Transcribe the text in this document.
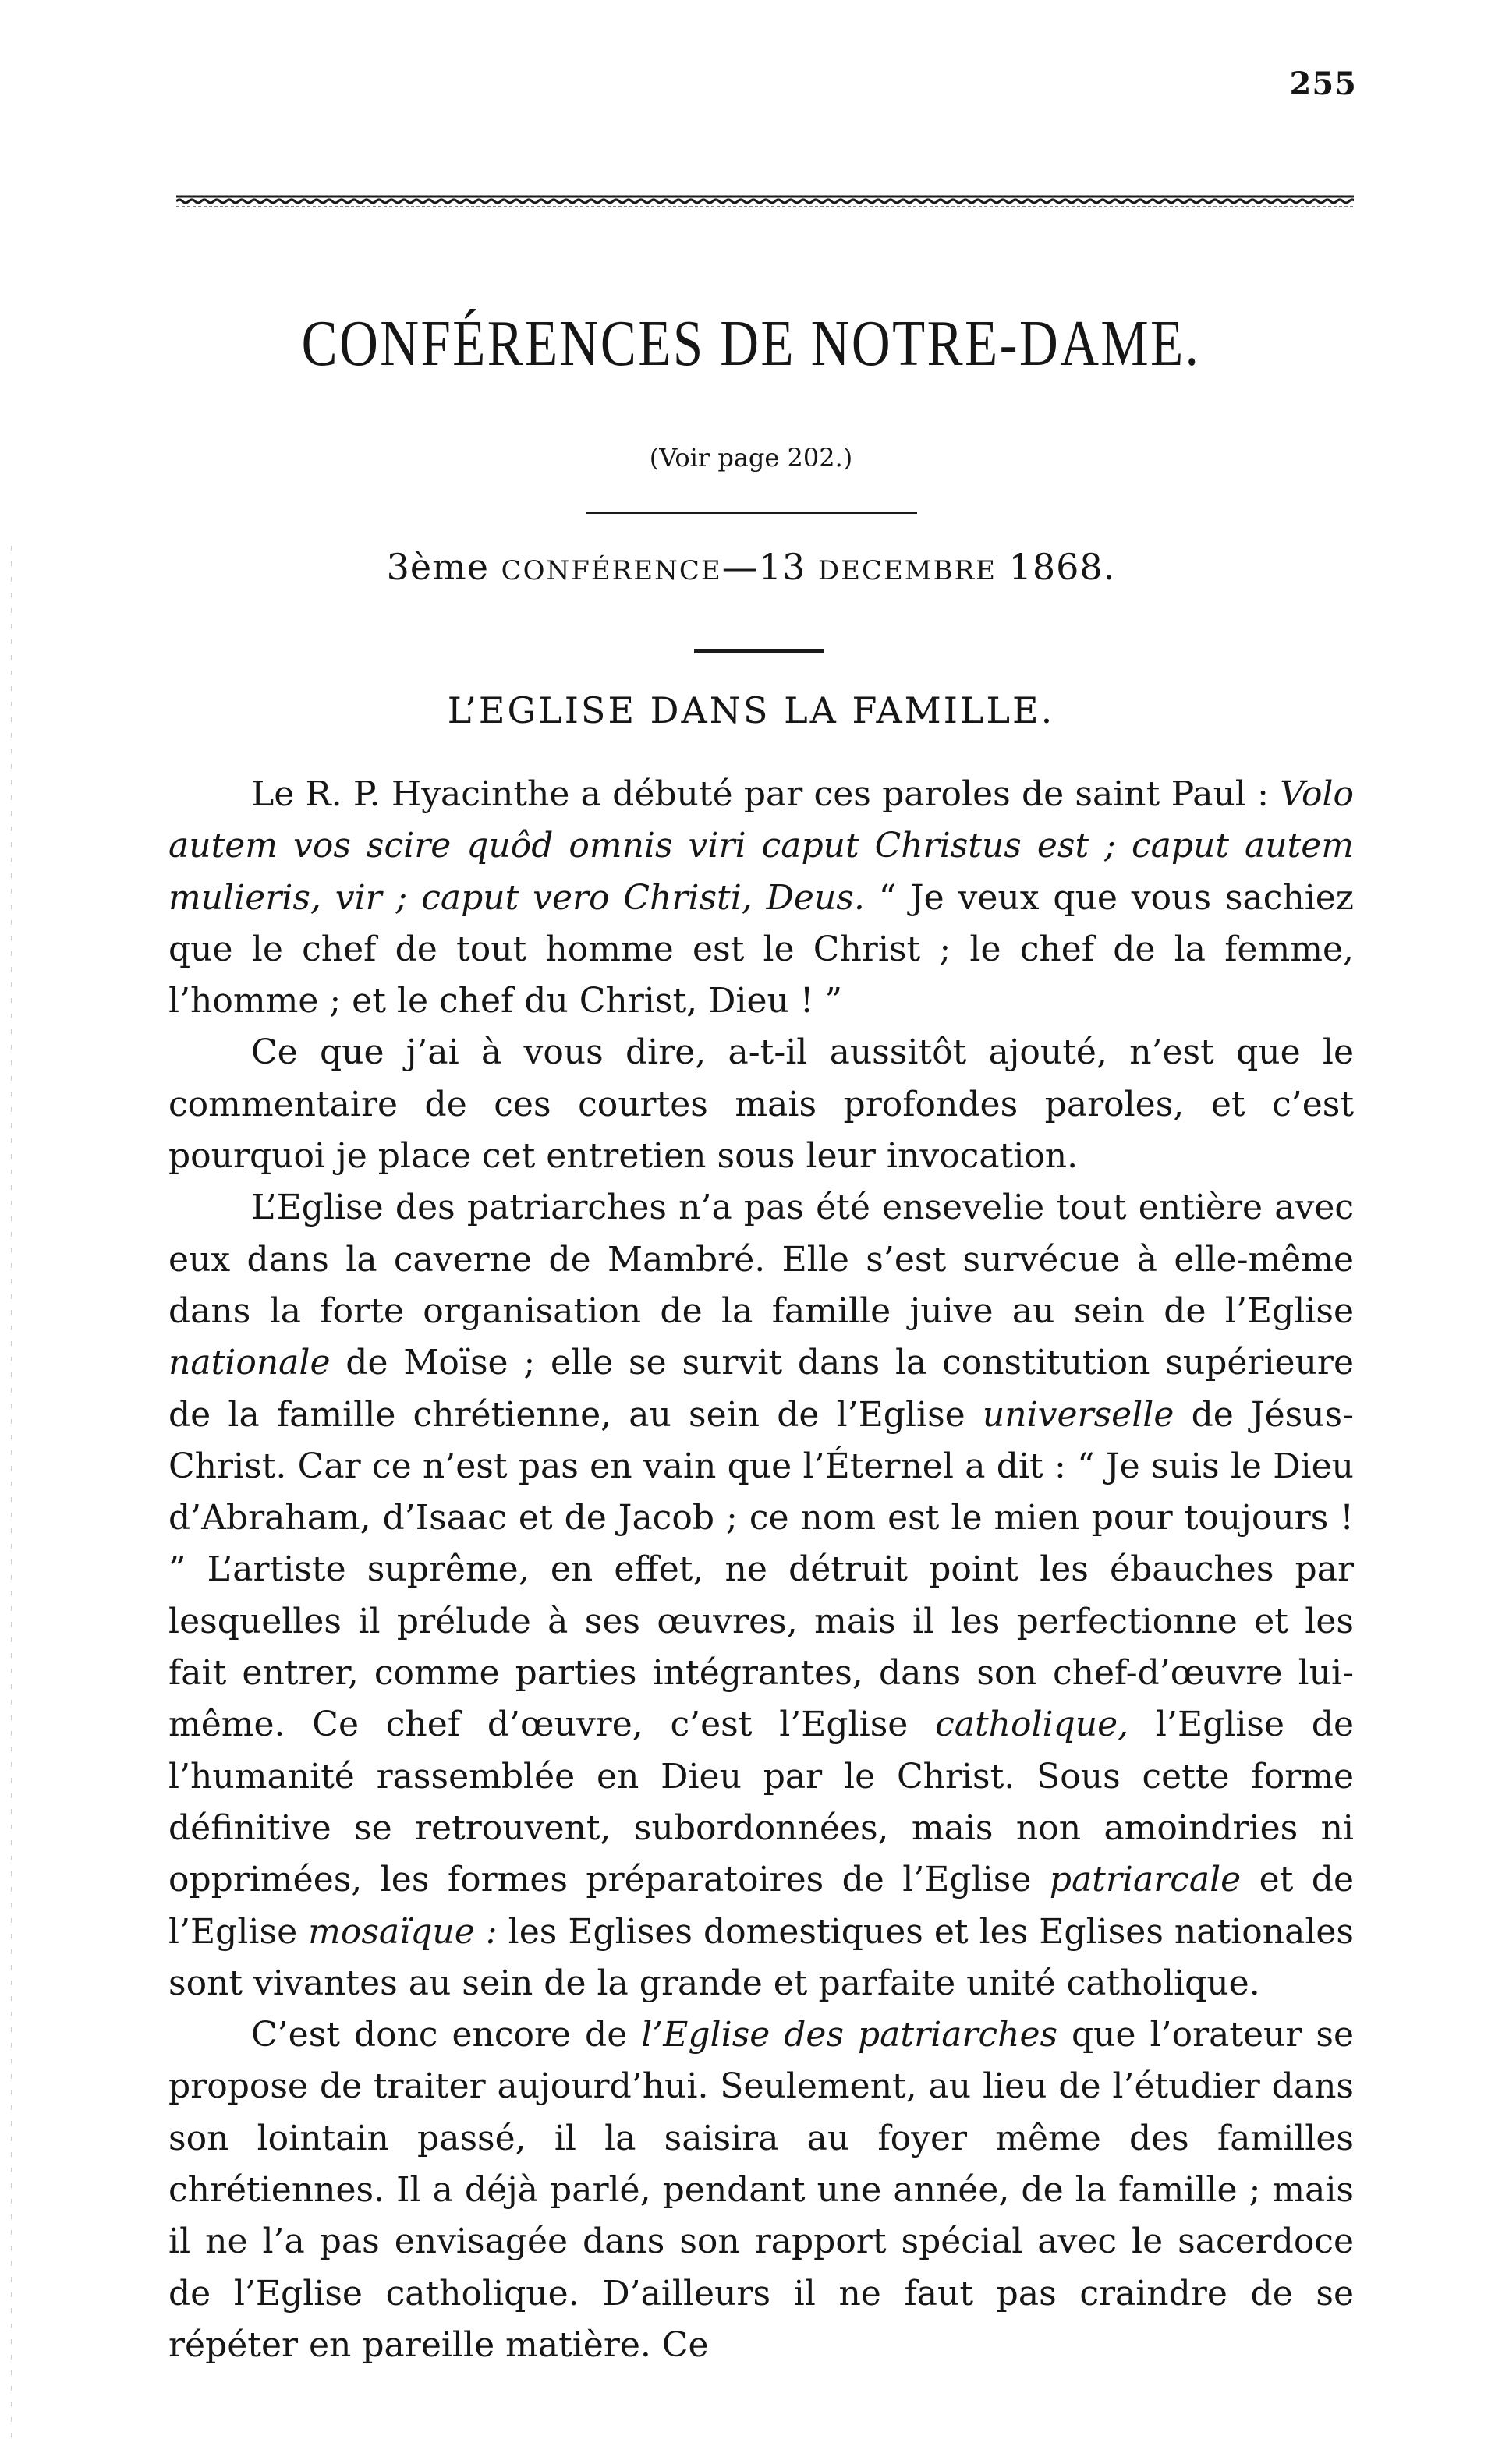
255
CONFÉRENCES DE NOTRE-DAME.
(Voir page 202.)
3ème CONFÉRENCE—13 DECEMBRE 1868.
L’EGLISE DANS LA FAMILLE.

Le R. P. Hyacinthe a débuté par ces paroles de saint Paul : Volo autem vos scire quôd omnis viri caput Christus est ; caput autem mulieris, vir ; caput vero Christi, Deus. “ Je veux que vous sachiez que le chef de tout homme est le Christ ; le chef de la femme, l’homme ; et le chef du Christ, Dieu ! ”

Ce que j’ai à vous dire, a-t-il aussitôt ajouté, n’est que le commentaire de ces courtes mais profondes paroles, et c’est pourquoi je place cet entretien sous leur invocation.

L’Eglise des patriarches n’a pas été ensevelie tout entière avec eux dans la caverne de Mambré. Elle s’est survécue à elle-même dans la forte organisation de la famille juive au sein de l’Eglise nationale de Moïse ; elle se survit dans la constitution supérieure de la famille chrétienne, au sein de l’Eglise universelle de Jésus-Christ. Car ce n’est pas en vain que l’Éternel a dit : “ Je suis le Dieu d’Abraham, d’Isaac et de Jacob ; ce nom est le mien pour toujours ! ” L’artiste suprême, en effet, ne détruit point les ébauches par lesquelles il prélude à ses œuvres, mais il les perfectionne et les fait entrer, comme parties intégrantes, dans son chef-d’œuvre lui-même. Ce chef d’œuvre, c’est l’Eglise catholique, l’Eglise de l’humanité rassemblée en Dieu par le Christ. Sous cette forme définitive se retrouvent, subordonnées, mais non amoindries ni opprimées, les formes préparatoires de l’Eglise patriarcale et de l’Eglise mosaïque : les Eglises domestiques et les Eglises nationales sont vivantes au sein de la grande et parfaite unité catholique.

C’est donc encore de l’Eglise des patriarches que l’orateur se propose de traiter aujourd’hui. Seulement, au lieu de l’étudier dans son lointain passé, il la saisira au foyer même des familles chrétiennes. Il a déjà parlé, pendant une année, de la famille ; mais il ne l’a pas envisagée dans son rapport spécial avec le sacerdoce de l’Eglise catholique. D’ailleurs il ne faut pas craindre de se répéter en pareille matière. Ce
